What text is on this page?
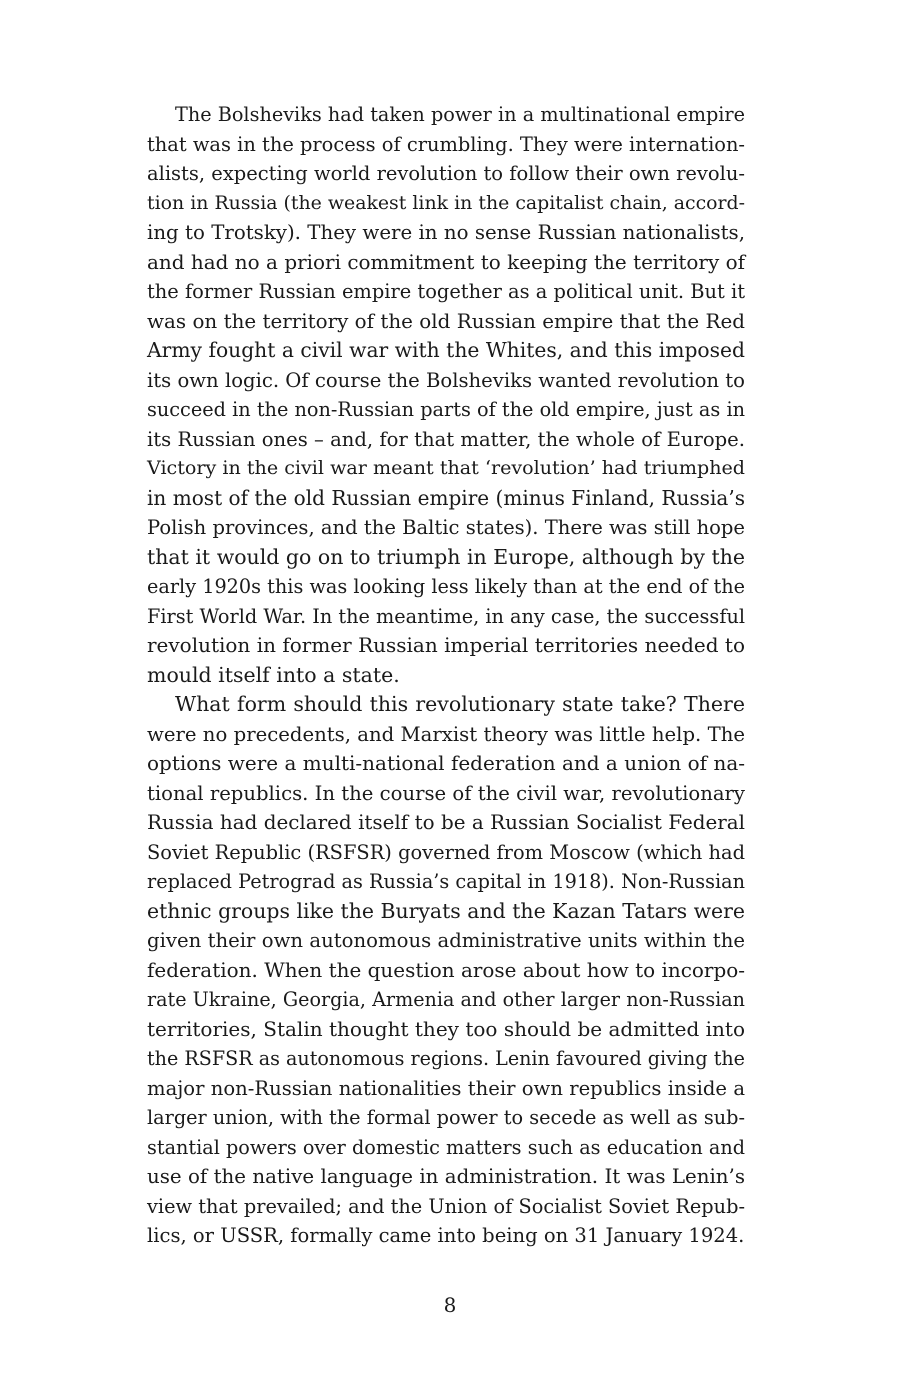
The Bolsheviks had taken power in a multinational empire
that was in the process of crumbling. They were internation-
alists, expecting world revolution to follow their own revolu-
tion in Russia (the weakest link in the capitalist chain, accord-
ing to Trotsky). They were in no sense Russian nationalists,
and had no a priori commitment to keeping the territory of
the former Russian empire together as a political unit. But it
was on the territory of the old Russian empire that the Red
Army fought a civil war with the Whites, and this imposed
its own logic. Of course the Bolsheviks wanted revolution to
succeed in the non-Russian parts of the old empire, just as in
its Russian ones – and, for that matter, the whole of Europe.
Victory in the civil war meant that ‘revolution’ had triumphed
in most of the old Russian empire (minus Finland, Russia’s
Polish provinces, and the Baltic states). There was still hope
that it would go on to triumph in Europe, although by the
early 1920s this was looking less likely than at the end of the
First World War. In the meantime, in any case, the successful
revolution in former Russian imperial territories needed to
mould itself into a state.
What form should this revolutionary state take? There
were no precedents, and Marxist theory was little help. The
options were a multi-national federation and a union of na-
tional republics. In the course of the civil war, revolutionary
Russia had declared itself to be a Russian Socialist Federal
Soviet Republic (RSFSR) governed from Moscow (which had
replaced Petrograd as Russia’s capital in 1918). Non-Russian
ethnic groups like the Buryats and the Kazan Tatars were
given their own autonomous administrative units within the
federation. When the question arose about how to incorpo-
rate Ukraine, Georgia, Armenia and other larger non-Russian
territories, Stalin thought they too should be admitted into
the RSFSR as autonomous regions. Lenin favoured giving the
major non-Russian nationalities their own republics inside a
larger union, with the formal power to secede as well as sub-
stantial powers over domestic matters such as education and
use of the native language in administration. It was Lenin’s
view that prevailed; and the Union of Socialist Soviet Repub-
lics, or USSR, formally came into being on 31 January 1924.
8
